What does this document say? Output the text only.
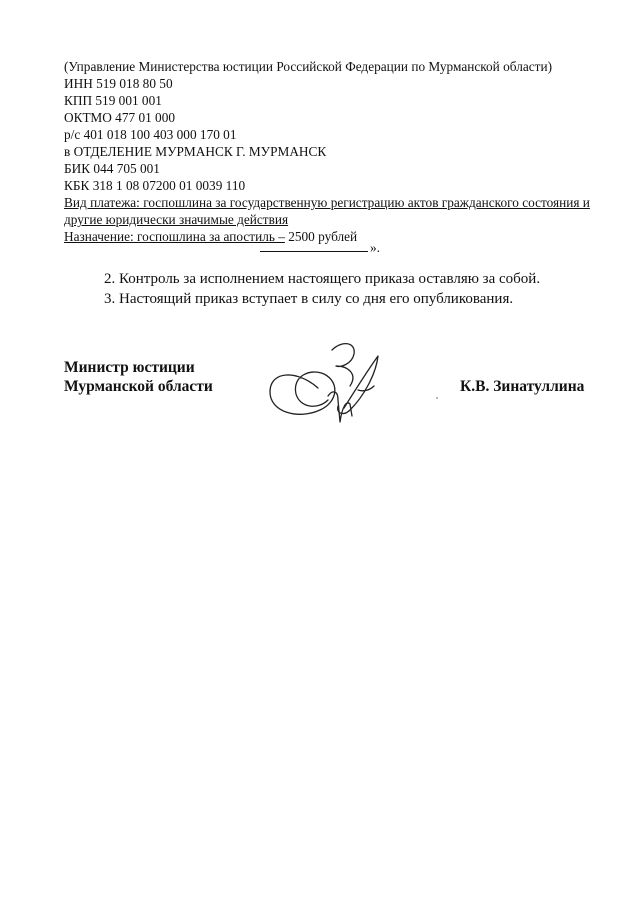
(Управление Министерства юстиции Российской Федерации по Мурманской области)
ИНН 519 018 80 50
КПП 519 001 001
ОКТМО 477 01 000
р/с 401 018 100 403 000 170 01
в ОТДЕЛЕНИЕ МУРМАНСК Г. МУРМАНСК
БИК 044 705 001
КБК 318 1 08 07200 01 0039 110
Вид платежа: госпошлина за государственную регистрацию актов гражданского состояния и другие юридически значимые действия
Назначение: госпошлина за апостиль – 2500 рублей
».
2. Контроль за исполнением настоящего приказа оставляю за собой.
3. Настоящий приказ вступает в силу со дня его опубликования.
Министр юстиции
Мурманской области	К.В. Зинатуллина
